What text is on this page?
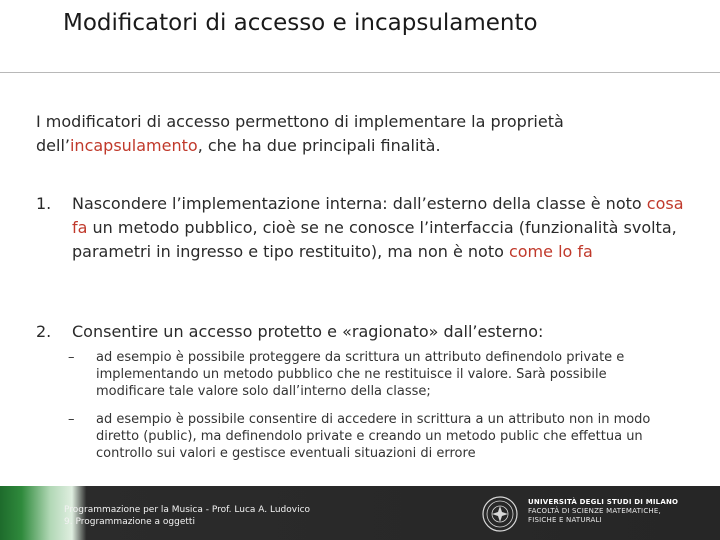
Modificatori di accesso e incapsulamento
I modificatori di accesso permettono di implementare la proprietà dell’incapsulamento, che ha due principali finalità.
1. Nascondere l’implementazione interna: dall’esterno della classe è noto cosa fa un metodo pubblico, cioè se ne conosce l’interfaccia (funzionalità svolta, parametri in ingresso e tipo restituito), ma non è noto come lo fa
2. Consentire un accesso protetto e «ragionato» dall’esterno:
– ad esempio è possibile proteggere da scrittura un attributo definendolo private e implementando un metodo pubblico che ne restituisce il valore. Sarà possibile modificare tale valore solo dall’interno della classe;
– ad esempio è possibile consentire di accedere in scrittura a un attributo non in modo diretto (public), ma definendolo private e creando un metodo public che effettua un controllo sui valori e gestisce eventuali situazioni di errore
Programmazione per la Musica - Prof. Luca A. Ludovico
9. Programmazione a oggetti
UNIVERSITÀ DEGLI STUDI DI MILANO
FACOLTÀ DI SCIENZE MATEMATICHE,
FISICHE E NATURALI
